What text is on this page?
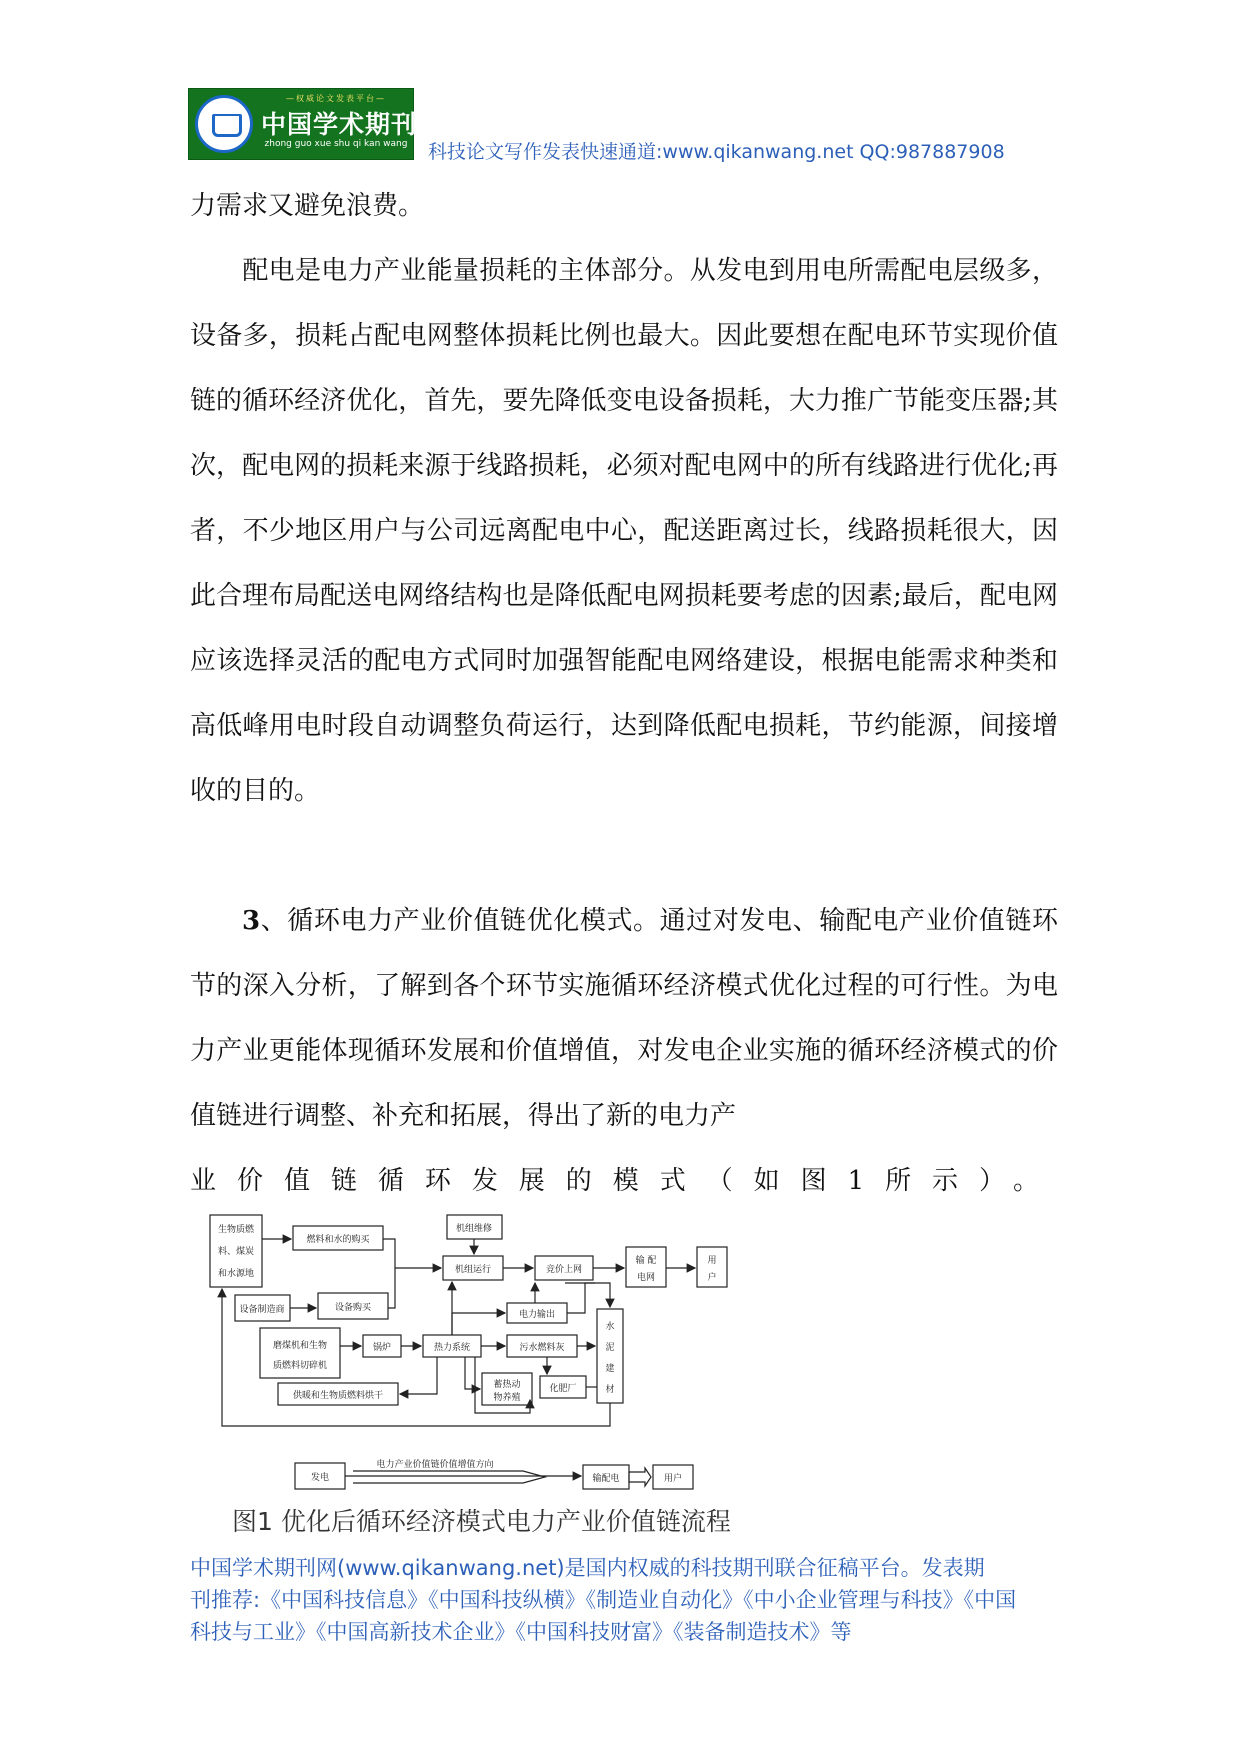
—权威论文发表平台—
中国学术期刊网
zhong guo xue shu qi kan wang 科技论文写作发表快速通道:www.qikanwang.net QQ:987887908

力需求又避免浪费。

配电是电力产业能量损耗的主体部分。从发电到用电所需配电层级多，设备多，损耗占配电网整体损耗比例也最大。因此要想在配电环节实现价值链的循环经济优化，首先，要先降低变电设备损耗，大力推广节能变压器;其次，配电网的损耗来源于线路损耗，必须对配电网中的所有线路进行优化;再者，不少地区用户与公司远离配电中心，配送距离过长，线路损耗很大，因此合理布局配送电网络结构也是降低配电网损耗要考虑的因素;最后，配电网应该选择灵活的配电方式同时加强智能配电网络建设，根据电能需求种类和高低峰用电时段自动调整负荷运行，达到降低配电损耗，节约能源，间接增收的目的。

3、循环电力产业价值链优化模式。通过对发电、输配电产业价值链环节的深入分析，了解到各个环节实施循环经济模式优化过程的可行性。为电力产业更能体现循环发展和价值增值，对发电企业实施的循环经济模式的价值链进行调整、补充和拓展，得出了新的电力产

业价值链循环发展的模式（如图1所示）。

生物质燃
料、煤炭
和水源地
燃料和水的购买
机组维修
机组运行	竞价上网
输 配
电网
用
户
设备制造商	设备购买
电力输出
磨煤机和生物
质燃料切碎机
锅炉	热力系统	污水燃料灰
水
泥
建
材
蓄热动
物养殖
化肥厂
供暖和生物质燃料烘干
发电
电力产业价值链价值增值方向
输配电	用户
图1 优化后循环经济模式电力产业价值链流程
中国学术期刊网(www.qikanwang.net)是国内权威的科技期刊联合征稿平台。发表期
刊推荐:《中国科技信息》《中国科技纵横》《制造业自动化》《中小企业管理与科技》《中国
科技与工业》《中国高新技术企业》《中国科技财富》《装备制造技术》等
